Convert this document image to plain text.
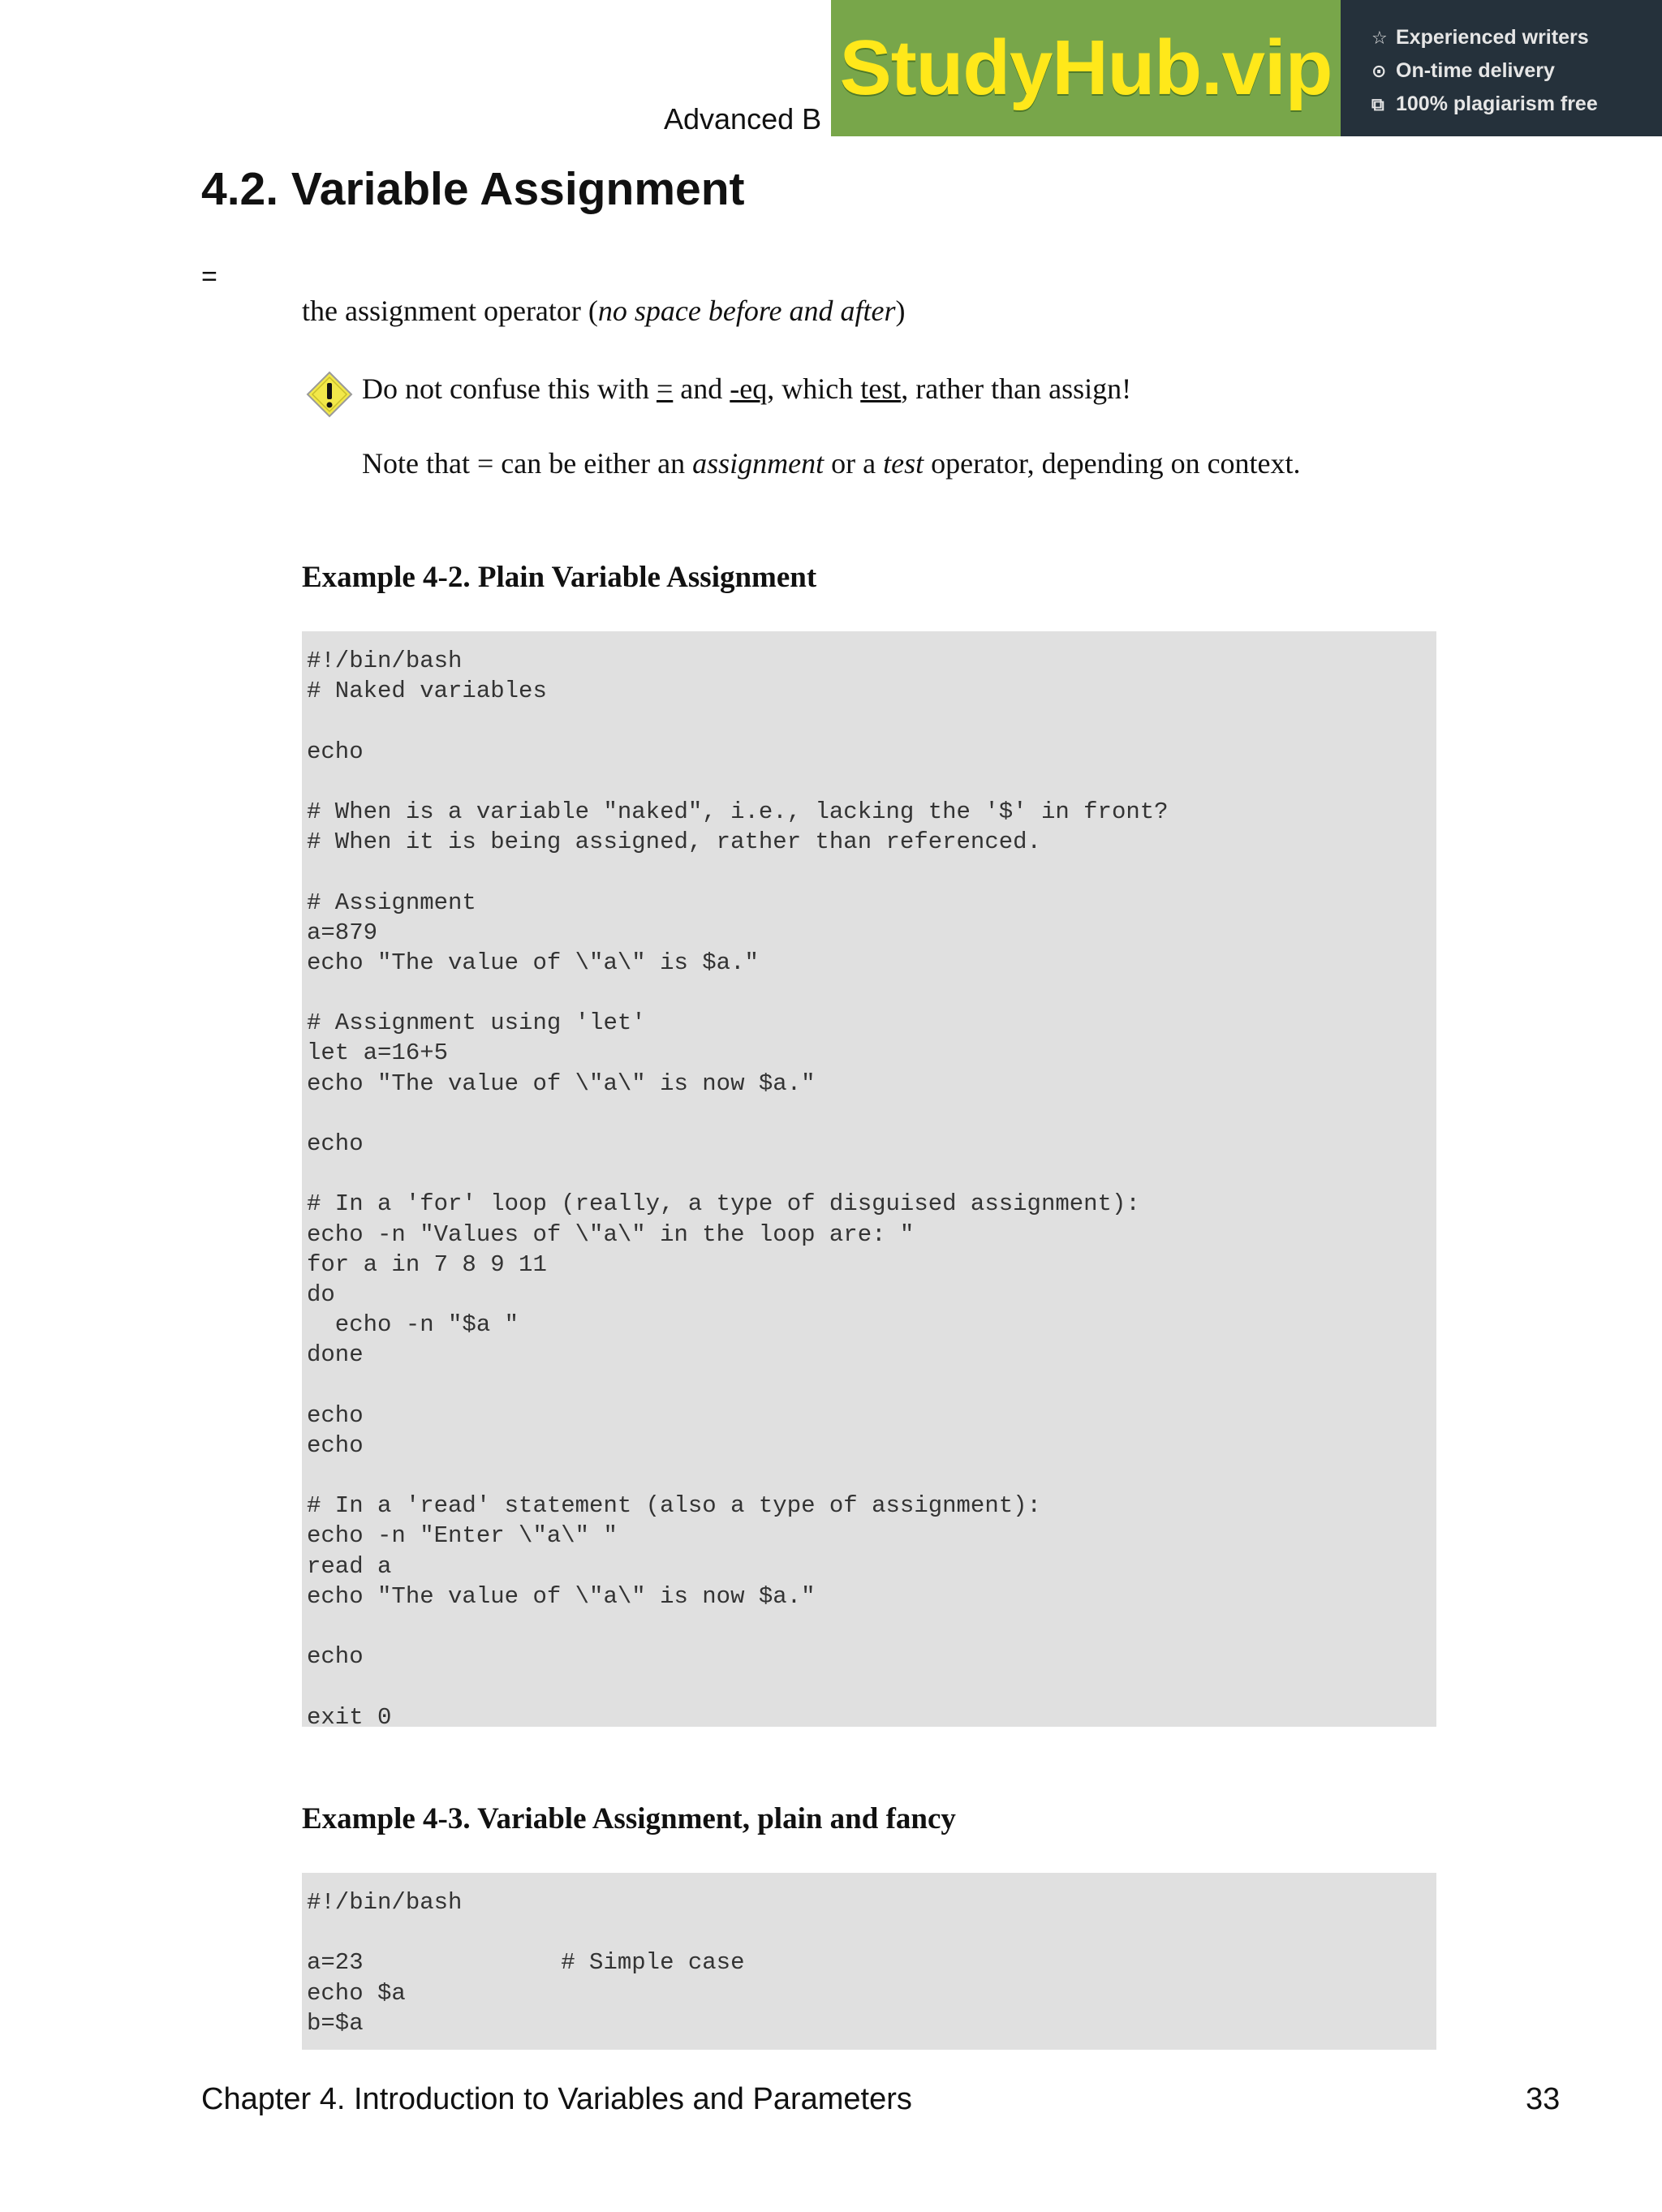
Advanced B
StudyHub.vip ☆ Experienced writers
⊙ On-time delivery
⧉ 100% plagiarism free
4.2. Variable Assignment
=
the assignment operator (no space before and after)
Do not confuse this with = and -eq, which test, rather than assign!
Note that = can be either an assignment or a test operator, depending on context.
Example 4-2. Plain Variable Assignment
#!/bin/bash
# Naked variables
echo
# When is a variable "naked", i.e., lacking the '$' in front?
# When it is being assigned, rather than referenced.
# Assignment
a=879
echo "The value of \"a\" is $a."
# Assignment using 'let'
let a=16+5
echo "The value of \"a\" is now $a."
echo
# In a 'for' loop (really, a type of disguised assignment):
echo -n "Values of \"a\" in the loop are: "
for a in 7 8 9 11
do
echo -n "$a "
done
echo
echo
# In a 'read' statement (also a type of assignment):
echo -n "Enter \"a\" "
read a
echo "The value of \"a\" is now $a."
echo
exit 0
Example 4-3. Variable Assignment, plain and fancy
#!/bin/bash
a=23              # Simple case
echo $a
b=$a
Chapter 4. Introduction to Variables and Parameters	33
